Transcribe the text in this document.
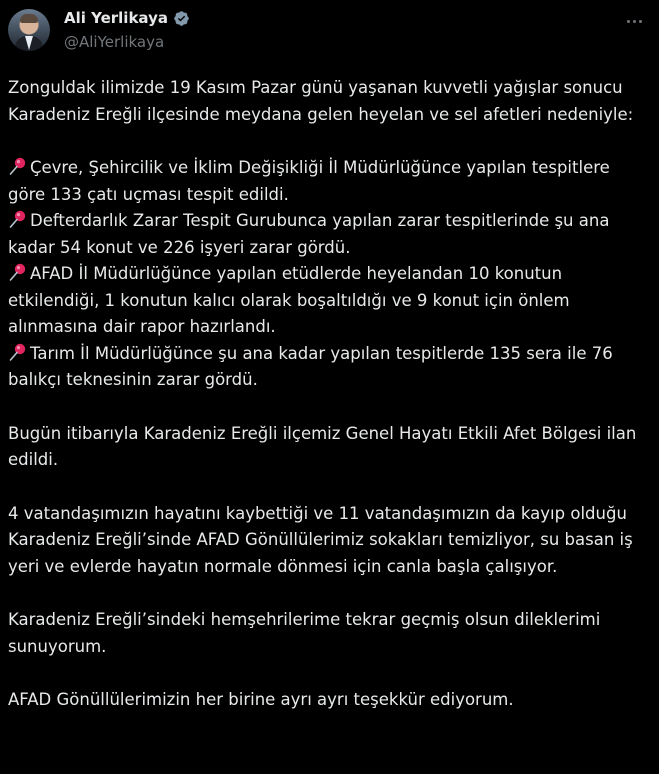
Ali Yerlikaya
@AliYerlikaya

Zonguldak ilimizde 19 Kasım Pazar günü yaşanan kuvvetli yağışlar sonucu Karadeniz Ereğli ilçesinde meydana gelen heyelan ve sel afetleri nedeniyle:

Çevre, Şehircilik ve İklim Değişikliği İl Müdürlüğünce yapılan tespitlere göre 133 çatı uçması tespit edildi.

Defterdarlık Zarar Tespit Gurubunca yapılan zarar tespitlerinde şu ana kadar 54 konut ve 226 işyeri zarar gördü.

AFAD İl Müdürlüğünce yapılan etüdlerde heyelandan 10 konutun etkilendiği, 1 konutun kalıcı olarak boşaltıldığı ve 9 konut için önlem alınmasına dair rapor hazırlandı.

Tarım İl Müdürlüğünce şu ana kadar yapılan tespitlerde 135 sera ile 76 balıkçı teknesinin zarar gördü.

Bugün itibarıyla Karadeniz Ereğli ilçemiz Genel Hayatı Etkili Afet Bölgesi ilan edildi.

4 vatandaşımızın hayatını kaybettiği ve 11 vatandaşımızın da kayıp olduğu Karadeniz Ereğli’sinde AFAD Gönüllülerimiz sokakları temizliyor, su basan iş yeri ve evlerde hayatın normale dönmesi için canla başla çalışıyor.

Karadeniz Ereğli’sindeki hemşehrilerime tekrar geçmiş olsun dileklerimi sunuyorum.

AFAD Gönüllülerimizin her birine ayrı ayrı teşekkür ediyorum.
